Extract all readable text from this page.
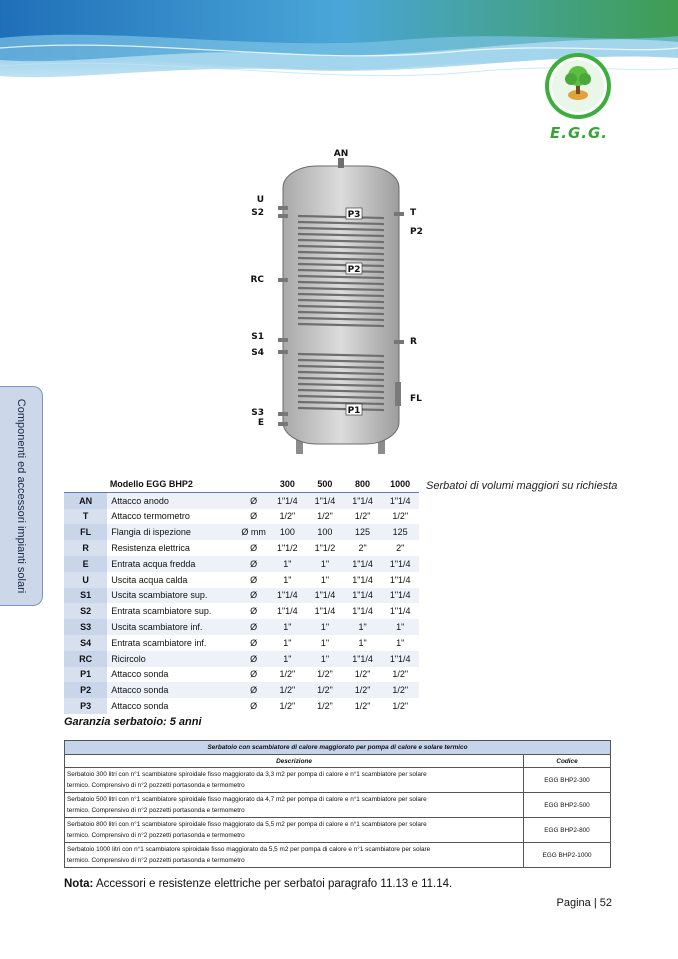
E.G.G.
Componenti ed accessori impianti solari
P3
P2
P1
AN
U
S2
RC
S1
S4
S3
E
T
P2
R
FL
Modello EGG BHP2			300	500	800	1000
AN	Attacco anodo	Ø	1"1/4	1"1/4	1"1/4	1"1/4
T	Attacco termometro	Ø	1/2"	1/2"	1/2"	1/2"
FL	Flangia di ispezione	Ø mm	100	100	125	125
R	Resistenza elettrica	Ø	1"1/2	1"1/2	2"	2"
E	Entrata acqua fredda	Ø	1"	1"	1"1/4	1"1/4
U	Uscita acqua calda	Ø	1"	1"	1"1/4	1"1/4
S1	Uscita scambiatore sup.	Ø	1"1/4	1"1/4	1"1/4	1"1/4
S2	Entrata scambiatore sup.	Ø	1"1/4	1"1/4	1"1/4	1"1/4
S3	Uscita scambiatore inf.	Ø	1"	1"	1"	1"
S4	Entrata scambiatore inf.	Ø	1"	1"	1"	1"
RC	Ricircolo	Ø	1"	1"	1"1/4	1"1/4
P1	Attacco sonda	Ø	1/2"	1/2"	1/2"	1/2"
P2	Attacco sonda	Ø	1/2"	1/2"	1/2"	1/2"
P3	Attacco sonda	Ø	1/2"	1/2"	1/2"	1/2"
Serbatoi di volumi maggiori su richiesta
Garanzia serbatoio: 5 anni
Serbatoio con scambiatore di calore maggiorato per pompa di calore e solare termico	
Descrizione	Codice
Serbatoio 300 litri con n°1 scambiatore spiroidale fisso maggiorato da 3,3 m2 per pompa di calore e n°1 scambiatore per solare
termico. Comprensivo di n°2 pozzetti portasonda e termometro	EGG BHP2-300
Serbatoio 500 litri con n°1 scambiatore spiroidale fisso maggiorato da 4,7 m2 per pompa di calore e n°1 scambiatore per solare
termico. Comprensivo di n°2 pozzetti portasonda e termometro	EGG BHP2-500
Serbatoio 800 litri con n°1 scambiatore spiroidale fisso maggiorato da 5,5 m2 per pompa di calore e n°1 scambiatore per solare
termico. Comprensivo di n°2 pozzetti portasonda e termometro	EGG BHP2-800
Serbatoio 1000 litri con n°1 scambiatore spiroidale fisso maggiorato da 5,5 m2 per pompa di calore e n°1 scambiatore per solare
termico. Comprensivo di n°2 pozzetti portasonda e termometro	EGG BHP2-1000
Nota: Accessori e resistenze elettriche per serbatoi paragrafo 11.13 e 11.14.
Pagina | 52
